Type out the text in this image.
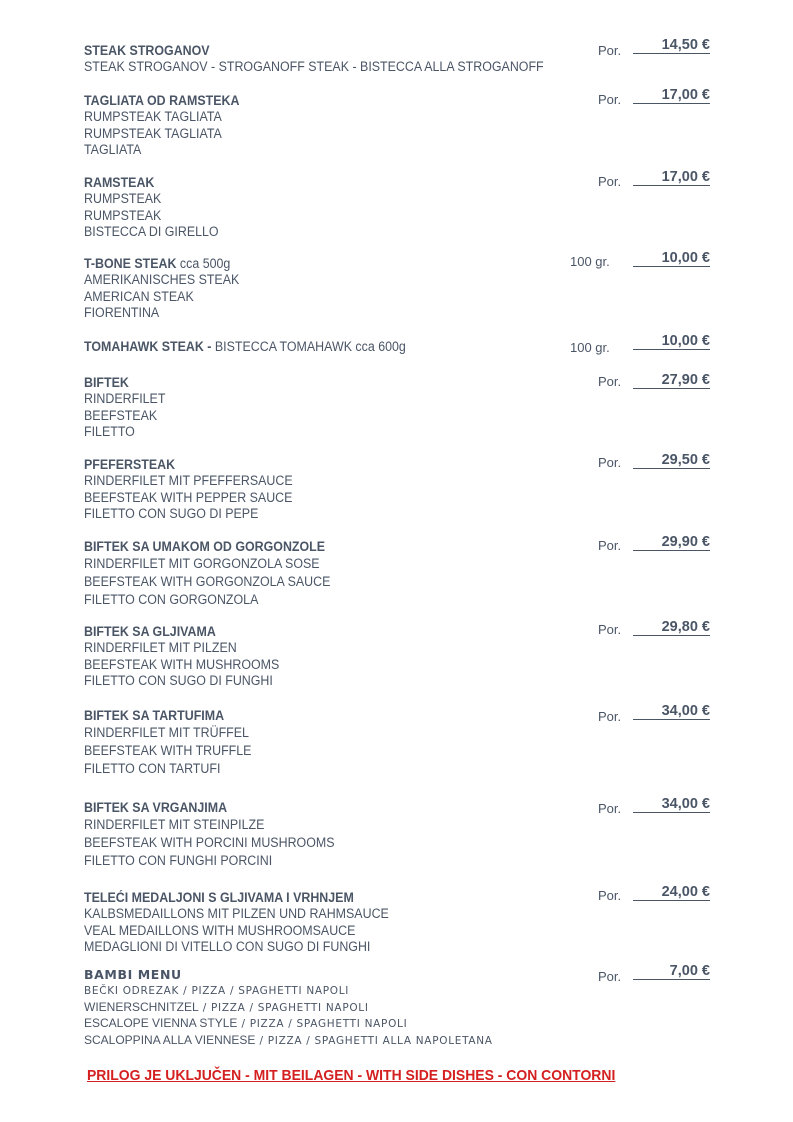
STEAK STROGANOV
STEAK STROGANOV - STROGANOFF STEAK - BISTECCA ALLA STROGANOFF
Por.	14,50 €
TAGLIATA OD RAMSTEKA
RUMPSTEAK TAGLIATA
RUMPSTEAK TAGLIATA
TAGLIATA
Por.	17,00 €
RAMSTEAK
RUMPSTEAK
RUMPSTEAK
BISTECCA DI GIRELLO
Por.	17,00 €
T-BONE STEAK cca 500g
AMERIKANISCHES STEAK
AMERICAN STEAK
FIORENTINA
100 gr.	10,00 €
TOMAHAWK STEAK - BISTECCA TOMAHAWK cca 600g	100 gr.	10,00 €
BIFTEK
RINDERFILET
BEEFSTEAK
FILETTO
Por.	27,90 €
PFEFERSTEAK
RINDERFILET MIT PFEFFERSAUCE
BEEFSTEAK WITH PEPPER SAUCE
FILETTO CON SUGO DI PEPE
Por.	29,50 €
BIFTEK SA UMAKOM OD GORGONZOLE
RINDERFILET MIT GORGONZOLA SOSE
BEEFSTEAK WITH GORGONZOLA SAUCE
FILETTO CON GORGONZOLA
Por.	29,90 €
BIFTEK SA GLJIVAMA
RINDERFILET MIT PILZEN
BEEFSTEAK WITH MUSHROOMS
FILETTO CON SUGO DI FUNGHI
Por.	29,80 €
BIFTEK SA TARTUFIMA
RINDERFILET MIT TRÜFFEL
BEEFSTEAK WITH TRUFFLE
FILETTO CON TARTUFI
Por.	34,00 €
BIFTEK SA VRGANJIMA
RINDERFILET MIT STEINPILZE
BEEFSTEAK WITH PORCINI MUSHROOMS
FILETTO CON FUNGHI PORCINI
Por.	34,00 €
TELEĆI MEDALJONI S GLJIVAMA I VRHNJEM
KALBSMEDAILLONS MIT PILZEN UND RAHMSAUCE
VEAL MEDAILLONS WITH MUSHROOMSAUCE
MEDAGLIONI DI VITELLO CON SUGO DI FUNGHI
Por.	24,00 €
BAMBI MENU
BEČKI ODREZAK / PIZZA / SPAGHETTI NAPOLI
WIENERSCHNITZEL / PIZZA / SPAGHETTI NAPOLI
ESCALOPE VIENNA STYLE / PIZZA / SPAGHETTI NAPOLI
SCALOPPINA ALLA VIENNESE / PIZZA / SPAGHETTI ALLA NAPOLETANA
Por.	7,00 €
PRILOG JE UKLJUČEN - MIT BEILAGEN - WITH SIDE DISHES - CON CONTORNI
